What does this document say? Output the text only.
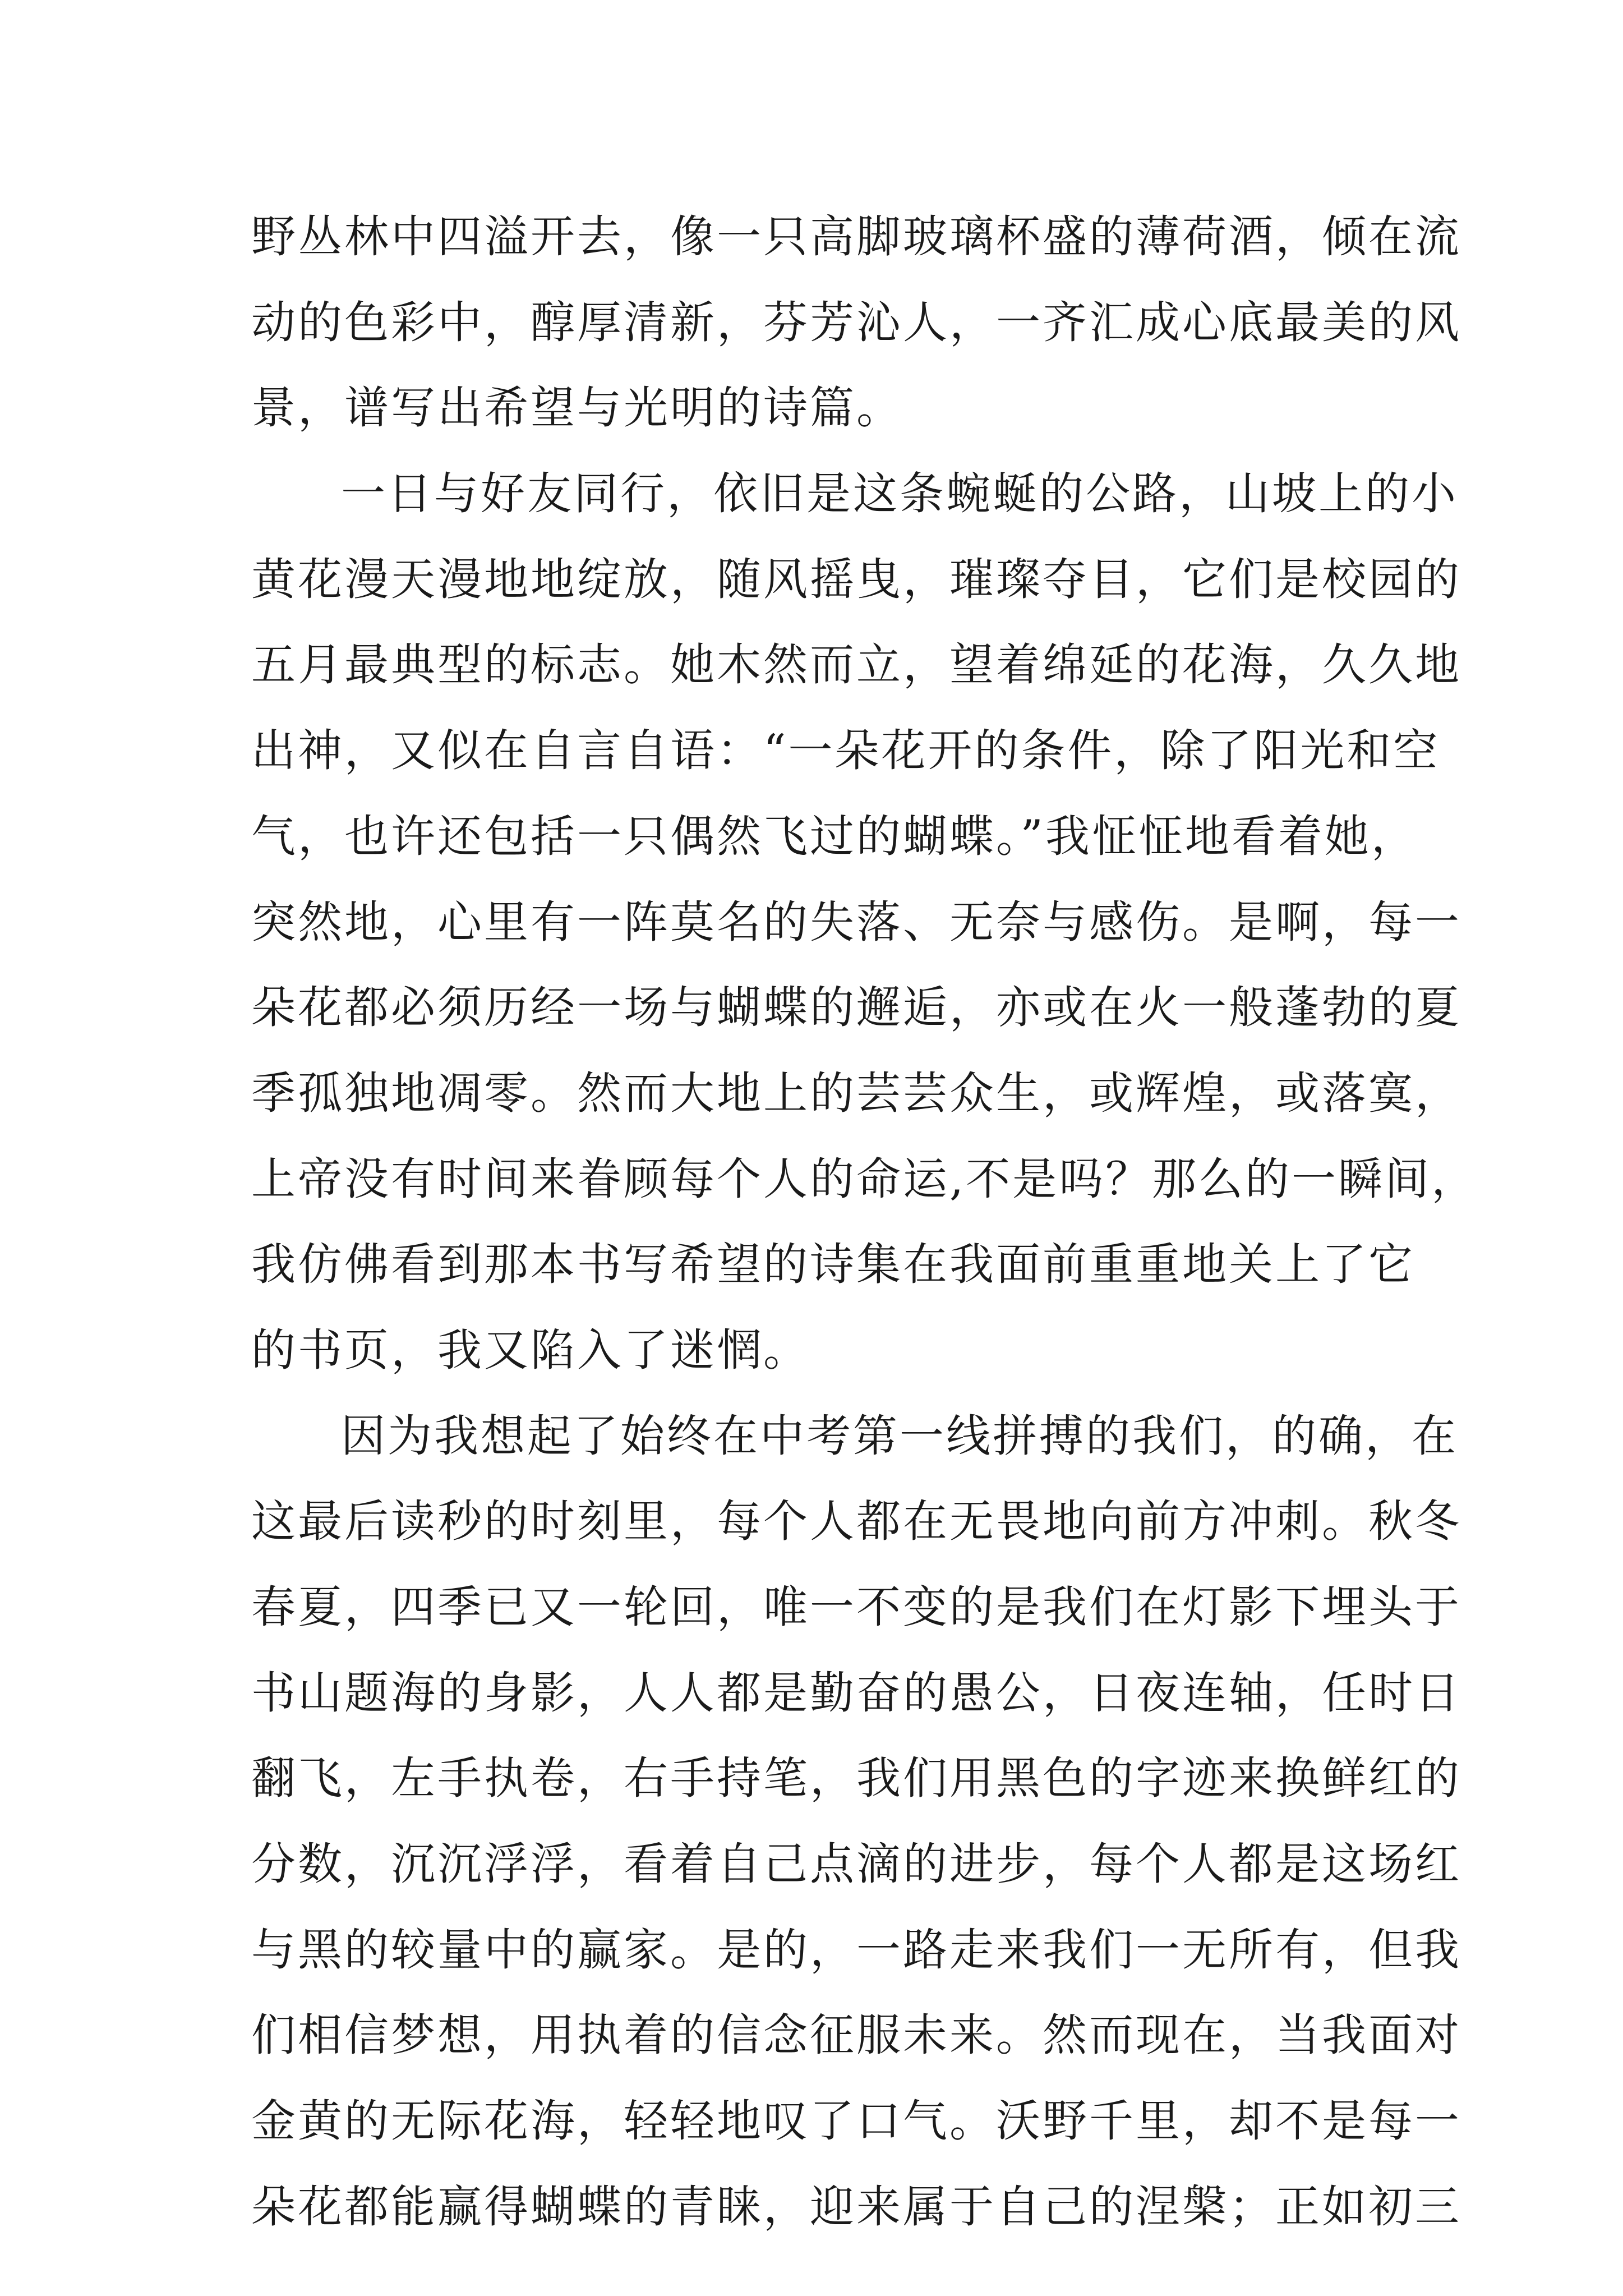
野丛林中四溢开去，像一只高脚玻璃杯盛的薄荷酒，倾在流
动的色彩中，醇厚清新，芬芳沁人，一齐汇成心底最美的风
景，谱写出希望与光明的诗篇。
一日与好友同行，依旧是这条蜿蜒的公路，山坡上的小
黄花漫天漫地地绽放，随风摇曳，璀璨夺目，它们是校园的
五月最典型的标志。她木然而立，望着绵延的花海，久久地
出神，又似在自言自语：“一朵花开的条件，除了阳光和空
气，也许还包括一只偶然飞过的蝴蝶。”我怔怔地看着她，
突然地，心里有一阵莫名的失落、无奈与感伤。是啊，每一
朵花都必须历经一场与蝴蝶的邂逅，亦或在火一般蓬勃的夏
季孤独地凋零。然而大地上的芸芸众生，或辉煌，或落寞，
上帝没有时间来眷顾每个人的命运,不是吗？那么的一瞬间，
我仿佛看到那本书写希望的诗集在我面前重重地关上了它
的书页，我又陷入了迷惘。
因为我想起了始终在中考第一线拼搏的我们，的确，在
这最后读秒的时刻里，每个人都在无畏地向前方冲刺。秋冬
春夏，四季已又一轮回，唯一不变的是我们在灯影下埋头于
书山题海的身影，人人都是勤奋的愚公，日夜连轴，任时日
翻飞，左手执卷，右手持笔，我们用黑色的字迹来换鲜红的
分数，沉沉浮浮，看着自己点滴的进步，每个人都是这场红
与黑的较量中的赢家。是的，一路走来我们一无所有，但我
们相信梦想，用执着的信念征服未来。然而现在，当我面对
金黄的无际花海，轻轻地叹了口气。沃野千里，却不是每一
朵花都能赢得蝴蝶的青睐，迎来属于自己的涅槃；正如初三
